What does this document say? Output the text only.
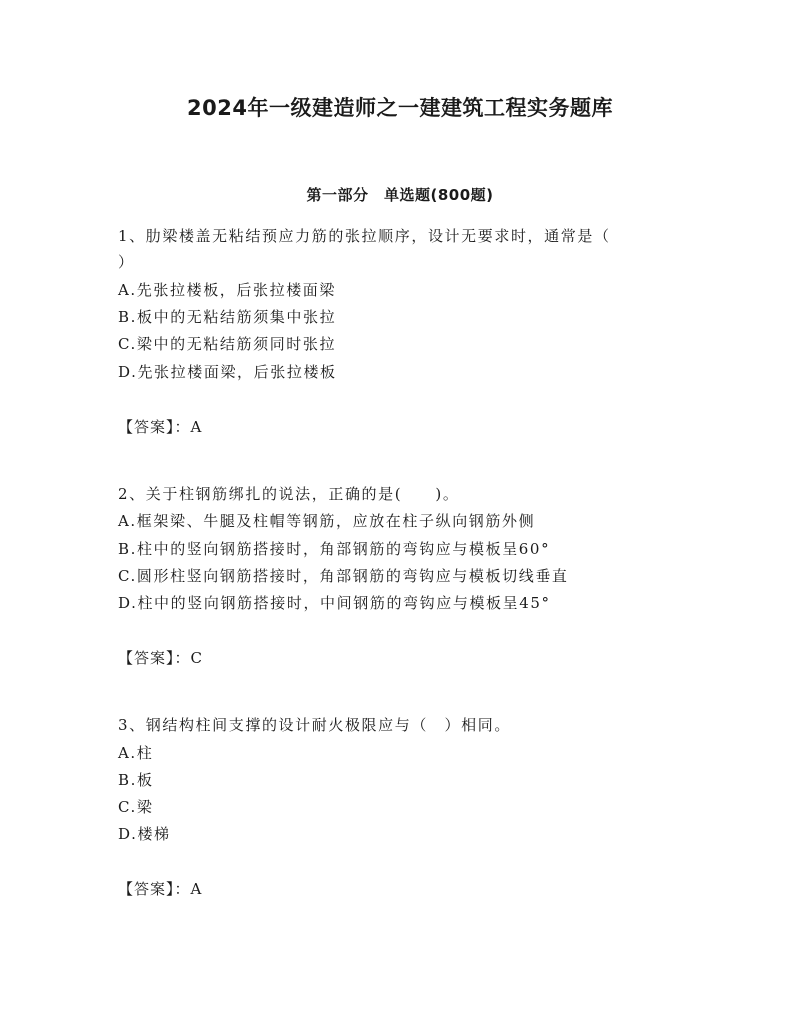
2024年一级建造师之一建建筑工程实务题库
第一部分　单选题(800题)
1、肋梁楼盖无粘结预应力筋的张拉顺序，设计无要求时，通常是（
）
A.先张拉楼板，后张拉楼面梁
B.板中的无粘结筋须集中张拉
C.梁中的无粘结筋须同时张拉
D.先张拉楼面梁，后张拉楼板
【答案】：A
2、关于柱钢筋绑扎的说法，正确的是(　　)。
A.框架梁、牛腿及柱帽等钢筋，应放在柱子纵向钢筋外侧
B.柱中的竖向钢筋搭接时，角部钢筋的弯钩应与模板呈60°
C.圆形柱竖向钢筋搭接时，角部钢筋的弯钩应与模板切线垂直
D.柱中的竖向钢筋搭接时，中间钢筋的弯钩应与模板呈45°
【答案】：C
3、钢结构柱间支撑的设计耐火极限应与（　）相同。
A.柱
B.板
C.梁
D.楼梯
【答案】：A
